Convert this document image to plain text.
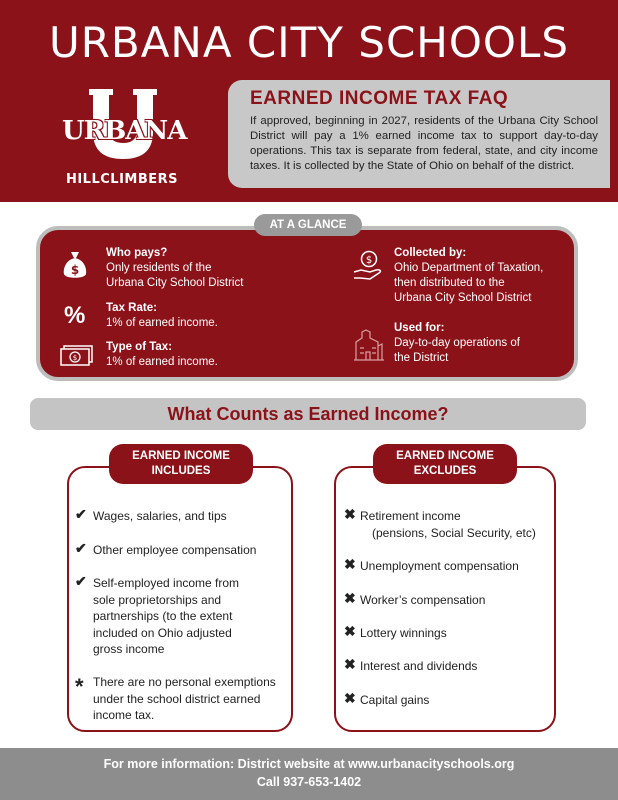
URBANA CITY SCHOOLS
URBANA
HILLCLIMBERS
EARNED INCOME TAX FAQ
If approved, beginning in 2027, residents of the Urbana City School District will pay a 1% earned income tax to support day-to-day operations. This tax is separate from federal, state, and city income taxes. It is collected by the State of Ohio on behalf of the district.
AT A GLANCE
$
Who pays?
Only residents of the
Urbana City School District
%	Tax Rate:
1% of earned income.
$
Type of Tax:
1% of earned income.
$
Collected by:
Ohio Department of Taxation,
then distributed to the
Urbana City School District
Used for:
Day-to-day operations of
the District
What Counts as Earned Income?
EARNED INCOME
INCLUDES
✔ Wages, salaries, and tips
✔ Other employee compensation
✔ Self-employed income from
sole proprietorships and
partnerships (to the extent
included on Ohio adjusted
gross income
* There are no personal exemptions
under the school district earned
income tax.
EARNED INCOME
EXCLUDES
✖ Retirement income
(pensions, Social Security, etc)
✖ Unemployment compensation
✖ Worker’s compensation
✖ Lottery winnings
✖ Interest and dividends
✖ Capital gains
For more information: District website at www.urbanacityschools.org
Call 937-653-1402
